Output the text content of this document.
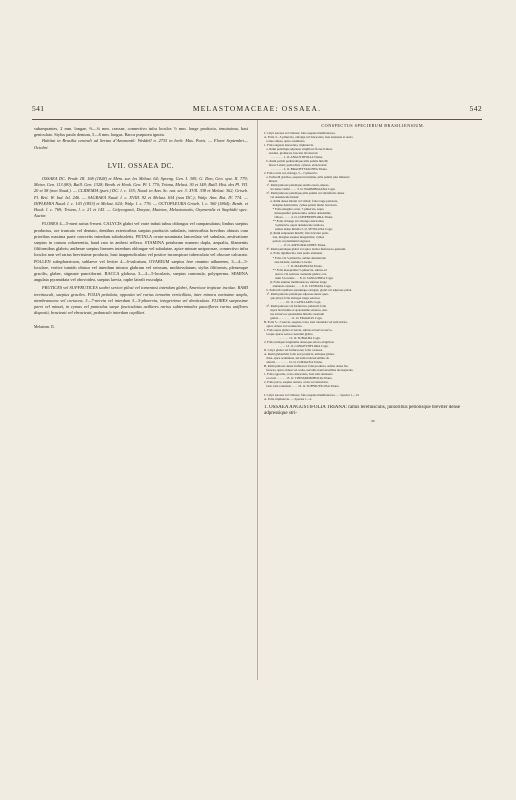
541	MELASTOMACEAE: OSSAEA.	542

subaequantes, 2 mm. longae, ⅔—¾ mm. crassae, connectivo infra loculos ½ mm. longe producto, tenuissimo, basi geniculato. Stylus paulo demum, 5—6 mm. longus. Bacca purpurea ignota.

Habitat in Brasilia centrali ad Sertao d’Amarantil: Weddell n. 2735 in herb. Mus. Paris. — Floret Septembri—Octobri.

LVII. OSSAEA DC.

OSSAEA DC. Prodr. III. 168 (1828) et Mém. sur. les Mélast. 64; Spreng. Gen. I. 309; G. Don, Gen. syst. II. 779; Meisn. Gen. 113 (80); Baill. Gen. 1328; Benth. et Hook. Gen. Pl. I. 770; Triana, Melast. 30 et 148; Baill. Hist. des Pl. VII. 20 et 58 (non Naud.). — CLIDEMIA (part.) DC. l. c. 155; Naud. in Ann. Sc. nat. ser. 3. XVII. 338 et Melast. 362; Griseb. Fl. Brit. W. Ind. Isl. 246. — SAGRAEA Naud. l. c. XVIII. 92 et Melast. 634 (non DC.); Walp. Ann. Bot. IV. 774. — DIPLEMIA Naud. l. c. 103 (1853) et Melast. 624; Walp. l. c. 776. — OCTOPLEURA Griseb. l. c. 360 (1864); Benth. et Hook. l. c. 769; Triana, l. c. 21 et 145. — Calycogonii, Davyae, Maietae, Melastomatis, Oxymeridis et Staphidii spec. Auctor.

FLORES 4—5-meri rarius 6-meri. CALYCIS glabri vel varie induti tubus oblongus vel campanulatus; limbus saepius productus, ore truncato vel dentato, dentibus exterioribus saepius productis subulatis, interioribus brevibus obtusis cum prioribus maxima parte concretis interdum subobsoletis. PETALA ovato-acuminata lanceolata vel subulata, aestivatione saepius in conum cohaerentia, haud raro in anthesi reflexa. STAMINA petalorum numero dupla, aequalia, filamentis filiformibus glabris; antherae saepius lineares interdum oblongae vel subulatae, apice minute uniporosae, connectivo infra loculos non vel rarius brevissime producto, basi inappendiculato vel postice inconspicue tuberculato vel obscure calcarato. POLLEN subsphaericum, sublaeve vel leviter 4—6-sulcatum. OVARIUM saepius fere omnino adhaerens, 3—4—5-loculare, vertice tumido obtuso vel interdum intruso glabrum vel setosum, multiovulatum; stylus filiformis, plerumque gracilis, glaber, stigmate punctiformi. BACCA globosa, 3—4—5-locularis, saepius carnosula, polysperma. SEMINA angulata pyramidata vel obovoidea, saepius laevia, raphe lateali exsculpta.

FRUTICES vel SUFFRUTICES scabri sericei pilosi vel tomentosi interdum glabri, Americae tropicae incolae. RAMI teretiusculi, saepius graciles. FOLIA petiolata, opposita vel rarius ternatim verticillata, inter minora varissime ampla, membranacea vel coriacea, 3—7-nervia vel interdum 3—5-plinervia, integerrima vel denticulata. FLORES saepissime parvi vel minuti, in cymas vel paniculas saepe fasciculatas axillares rarius subterminales pauciflores rarius uniflores dispositi, bracteati vel ebracteati, pedunculo interdum capillari.

Melastom. II.

CONSPECTUS SPECIERUM BRASILIENSIUM.
I. Calyx setosus vel villosus; folia saepius membranacea.
A. Folia 3—5-plinervia, oblonga vel lanceolata, basi attenuata et ancia
rotius obtusa, apice acuminata.
1. Folia angusta lanceolata, triplinervia.
a. Rami petiolique adpresse strigillosi: flores 6-meri,
sessiles, glomerati, bracteis involucrati
. . . . . . . . 1. O. ANGUSTIFOLIA Triana.
b. Rami petioli pedunculique pilis patulis hirtelli;
flores 5-meri, pedicellati, cymosi, ebracteolati
. . . . . . . . 2. O. BRACHYSTACHYA Triana.
2. Folia ovata vel oblonga, 5—7-plinervia.
a. Pedicelli graciles, saepius brevissime, pilis patulis plus minusve
hirsuti.
1°. Rami juniores petiolique setulis erecto-adpres-
sis dense vestiti . . . . 3. O. WARMINGIANA Cogn.
2°. Rami juniores petiolique pilis patulis vel subreflexis dense
vel densiuscule hirsuti.
α. Rami dense hirsuti vel villosi; folia longe petiolata,
margine denticulata; cymae petioli multo breviores.
* Folia margine ovata, 7-plinervia, supra
subaequaliter pubescentia, subtus densissime
villosa . . . . . 4. O. CONFERTIFLORA Triana.
** Folia oblonga vel oblongo-lanceolata,
5-plinervia, supra densiuscule setulosa,
subtus dense hirtella 5. O. SETULOSA Cogn.
β. Rami subpatenti hirtelli; folia breviter petio-
lata, margine saepius integerrima; cymae
petiolo ut plerimum longiores
. . . . 6. O. AMYGDALOIDES Triana.
3°. Rami petiolique glabri vel apice leviter furfuraceo-puberuli.
α. Folia rigidiuscula, basi paulo attenuata.
* Folia vix 5-plinervia, subtus densiuscule
cute hirtella; stamina 5-locula
. . . . . . 7. O. MARGINATA Triana.
** Folia inaequaliter 5-plinervia, subtus ad
nervos vix setulosa caeterum glabra; ova-
rium 5-loculare . . . 8. O. SANGUINEA Cogn.
β. Folia tenuiter membranacea, inferne longe
attenuato-cuneata . . . . 9. O. CUNEATA Cogn.
b. Pedicelli capillares plerumque elongati, glabri vel adpresse pilosi.
1°. Rami juniores petiolique adpresse dense ques-
que pilosi; folia utrinque longe setulosa
. . . . . 10. O. CAPILLARIS Cogn.
2°. Rami juniores vix furfuraceo-puberuli; folia
supra brevissime et sparsissime setulosa, sub-
tus ad nervos sparsissime hirtella caeterum
glabra . . . . . . . . 11. O. FRAGILIS Cogn.
B. Folia 5—7-nervia, saepius ovata, basi rotundata vel subcordata,
apice obtusa vel acutiuscula.
1. Folia supra glabra et laevia, subtus ad nervos nervo-
losque sparse setosa caeterum glabra
. . . . . . . 12. O. SUBALBA Cogn.
2. Folia utrinque longissime densoque setoso-strigillosa
. . . . . 13. O. CONGESTIFLORA Cogn.
II. Calyx glaber vel furfuraceus; folia coriacea.
A. Rami glaberrimi; folia non producta, utrinque glaber-
rima, apice acuminata, nervulis transversalibus di-
stinctis . . . . . . . . 14. O. CORIACEA Triana.
B. Rami juniores dense furfuracei; folia producta, subtus dense fur-
furacea, apice obtusa vel acuta, nervulis transversalibus inconspicuis.
1. Folia opposita, ovato-lanceolata, basi satis attenuata
et acuta . . . . . . 15. O. CINNAMOMIFOLIA Triana.
2. Folia parva, saepius ternata, ovata vel suborbicu-
laris, basi rotundata . . . . 16. O. SUFFRUTICOSA Triana.
I. Calyx setosus vel villosus; folia saepius membranacea. — Species 1—13.
A. Folia triplinervia. — Species 1—2.
1. OSSAEA ANGUSTIFOLIA TRIANA: ramis teretiusculis, junioribus petiolisque breviter dense adpressique stri-
69
